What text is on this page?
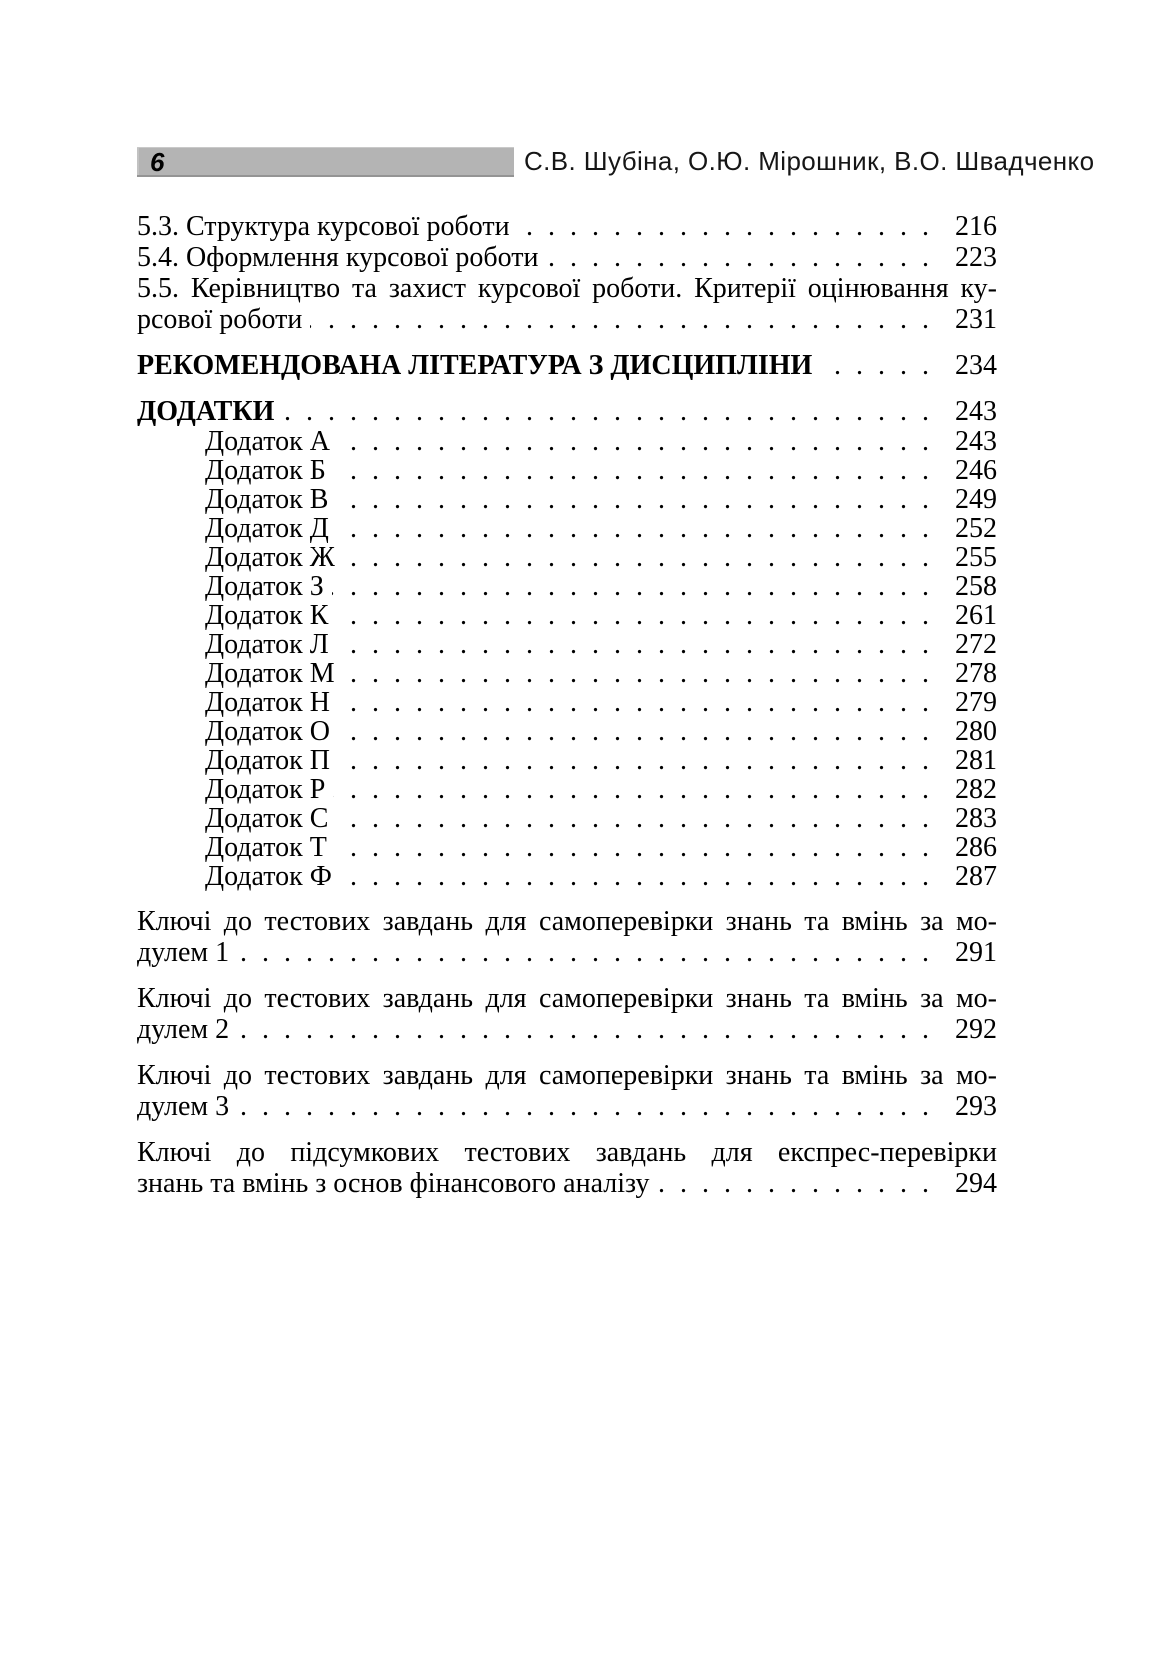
6	С.В. Шубіна, О.Ю. Мірошник, В.О. Швадченко
5.3. Структура курсової роботи . . .	216
5.4. Оформлення курсової роботи . . .	223
5.5. Керівництво та захист курсової роботи. Критерії оцінювання ку-
рсової роботи . . .	231
РЕКОМЕНДОВАНА ЛІТЕРАТУРА З ДИСЦИПЛІНИ . . .	234
ДОДАТКИ . . .	243
Додаток А . . .	243
Додаток Б . . .	246
Додаток В . . .	249
Додаток Д . . .	252
Додаток Ж . . .	255
Додаток З . . .	258
Додаток К . . .	261
Додаток Л . . .	272
Додаток М . . .	278
Додаток Н . . .	279
Додаток О . . .	280
Додаток П . . .	281
Додаток Р . . .	282
Додаток С . . .	283
Додаток Т . . .	286
Додаток Ф . . .	287
Ключі до тестових завдань для самоперевірки знань та вмінь за мо-
дулем 1 . . .	291
Ключі до тестових завдань для самоперевірки знань та вмінь за мо-
дулем 2 . . .	292
Ключі до тестових завдань для самоперевірки знань та вмінь за мо-
дулем 3 . . .	293
Ключі до підсумкових тестових завдань для експрес-перевірки
знань та вмінь з основ фінансового аналізу . . .	294
